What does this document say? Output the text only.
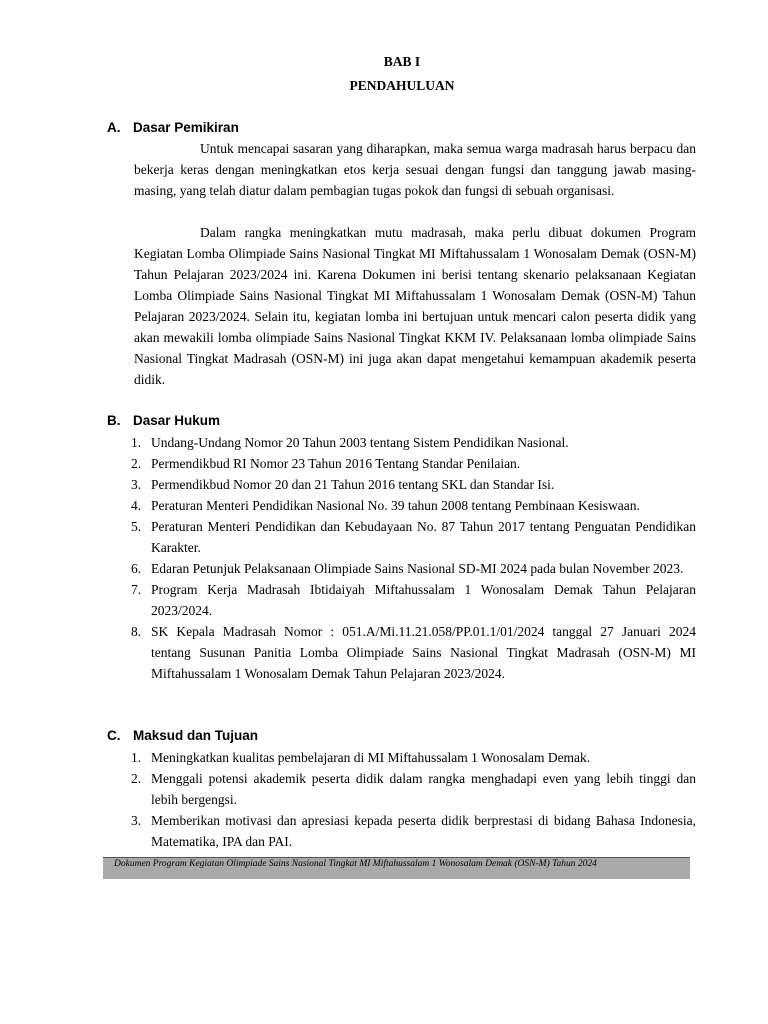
BAB I
PENDAHULUAN
A. Dasar Pemikiran

Untuk mencapai sasaran yang diharapkan, maka semua warga madrasah harus berpacu dan bekerja keras dengan meningkatkan etos kerja sesuai dengan fungsi dan tanggung jawab masing-masing, yang telah diatur dalam pembagian tugas pokok dan fungsi di sebuah organisasi.

Dalam rangka meningkatkan mutu madrasah, maka perlu dibuat dokumen Program Kegiatan Lomba Olimpiade Sains Nasional Tingkat MI Miftahussalam 1 Wonosalam Demak (OSN-M) Tahun Pelajaran 2023/2024 ini. Karena Dokumen ini berisi tentang skenario pelaksanaan Kegiatan Lomba Olimpiade Sains Nasional Tingkat MI Miftahussalam 1 Wonosalam Demak (OSN-M) Tahun Pelajaran 2023/2024. Selain itu, kegiatan lomba ini bertujuan untuk mencari calon peserta didik yang akan mewakili lomba olimpiade Sains Nasional Tingkat KKM IV. Pelaksanaan lomba olimpiade Sains Nasional Tingkat Madrasah (OSN-M) ini juga akan dapat mengetahui kemampuan akademik peserta didik.

B. Dasar Hukum
1. Undang-Undang Nomor 20 Tahun 2003 tentang Sistem Pendidikan Nasional.
2. Permendikbud RI Nomor 23 Tahun 2016 Tentang Standar Penilaian.
3. Permendikbud Nomor 20 dan 21 Tahun 2016 tentang SKL dan Standar Isi.
4. Peraturan Menteri Pendidikan Nasional No. 39 tahun 2008 tentang Pembinaan Kesiswaan.
5. Peraturan Menteri Pendidikan dan Kebudayaan No. 87 Tahun 2017 tentang Penguatan Pendidikan Karakter.
6. Edaran Petunjuk Pelaksanaan Olimpiade Sains Nasional SD-MI 2024 pada bulan November 2023.
7. Program Kerja Madrasah Ibtidaiyah Miftahussalam 1 Wonosalam Demak Tahun Pelajaran 2023/2024.
8. SK Kepala Madrasah Nomor : 051.A/Mi.11.21.058/PP.01.1/01/2024 tanggal 27 Januari 2024 tentang Susunan Panitia Lomba Olimpiade Sains Nasional Tingkat Madrasah (OSN-M) MI Miftahussalam 1 Wonosalam Demak Tahun Pelajaran 2023/2024.
C. Maksud dan Tujuan
1. Meningkatkan kualitas pembelajaran di MI Miftahussalam 1 Wonosalam Demak.
2. Menggali potensi akademik peserta didik dalam rangka menghadapi even yang lebih tinggi dan lebih bergengsi.
3. Memberikan motivasi dan apresiasi kepada peserta didik berprestasi di bidang Bahasa Indonesia, Matematika, IPA dan PAI.
Dokumen Program Kegiatan Olimpiade Sains Nasional Tingkat MI Miftahussalam 1 Wonosalam Demak (OSN-M) Tahun 2024
